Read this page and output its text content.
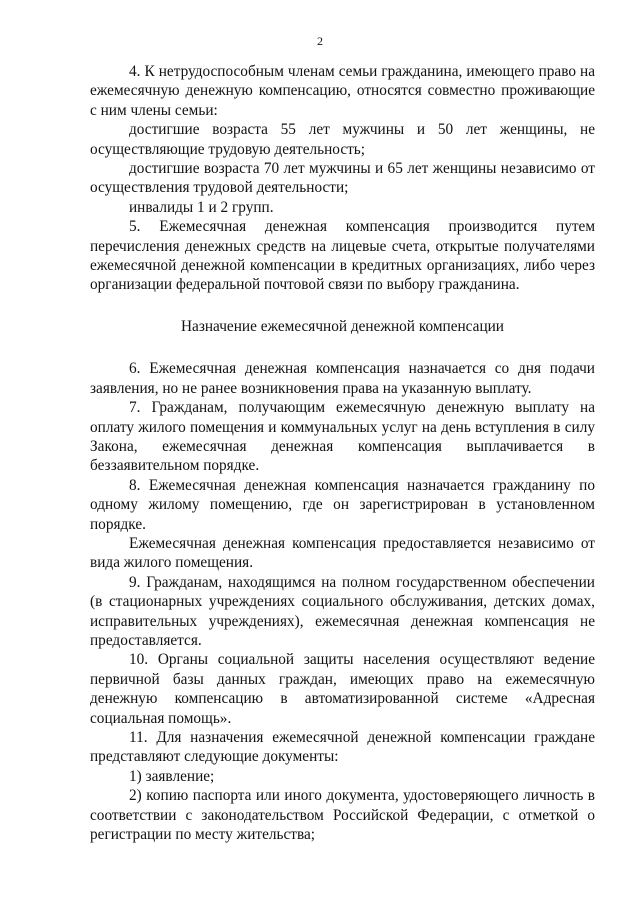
2

4. К нетрудоспособным членам семьи гражданина, имеющего право на ежемесячную денежную компенсацию, относятся совместно проживающие с ним члены семьи:

достигшие возраста 55 лет мужчины и 50 лет женщины, не осуществляющие трудовую деятельность;

достигшие возраста 70 лет мужчины и 65 лет женщины независимо от осуществления трудовой деятельности;

инвалиды 1 и 2 групп.

5. Ежемесячная денежная компенсация производится путем перечисления денежных средств на лицевые счета, открытые получателями ежемесячной денежной компенсации в кредитных организациях, либо через организации федеральной почтовой связи по выбору гражданина.

Назначение ежемесячной денежной компенсации

6. Ежемесячная денежная компенсация назначается со дня подачи заявления, но не ранее возникновения права на указанную выплату.

7. Гражданам, получающим ежемесячную денежную выплату на оплату жилого помещения и коммунальных услуг на день вступления в силу Закона, ежемесячная денежная компенсация выплачивается в беззаявительном порядке.

8. Ежемесячная денежная компенсация назначается гражданину по одному жилому помещению, где он зарегистрирован в установленном порядке.

Ежемесячная денежная компенсация предоставляется независимо от вида жилого помещения.

9. Гражданам, находящимся на полном государственном обеспечении (в стационарных учреждениях социального обслуживания, детских домах, исправительных учреждениях), ежемесячная денежная компенсация не предоставляется.

10. Органы социальной защиты населения осуществляют ведение первичной базы данных граждан, имеющих право на ежемесячную денежную компенсацию в автоматизированной системе «Адресная социальная помощь».

11. Для назначения ежемесячной денежной компенсации граждане представляют следующие документы:

1) заявление;

2) копию паспорта или иного документа, удостоверяющего личность в соответствии с законодательством Российской Федерации, с отметкой о регистрации по месту жительства;
